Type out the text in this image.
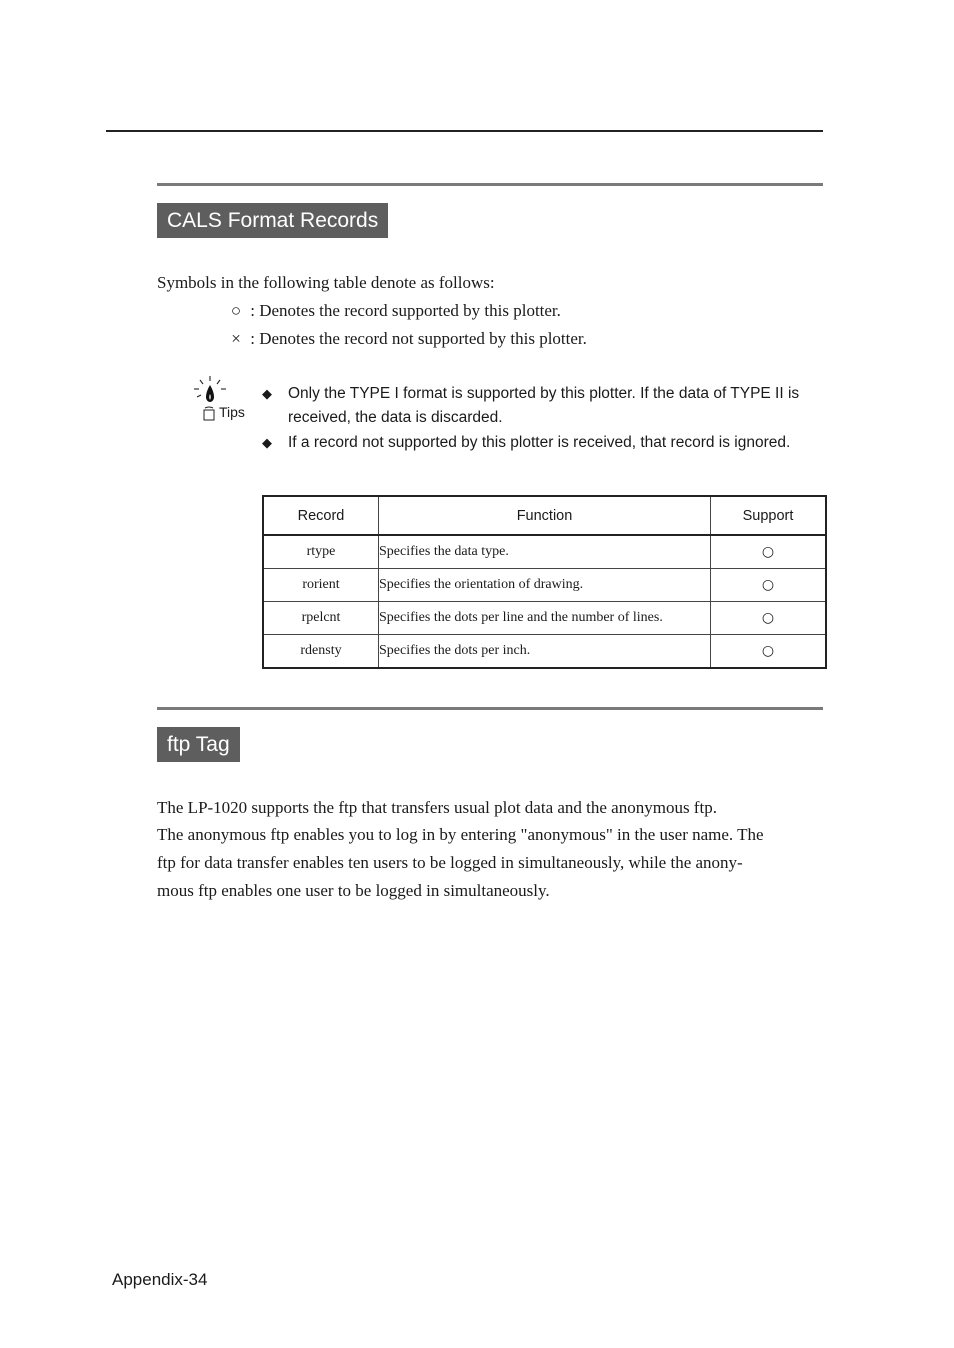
CALS Format Records
Symbols in the following table denote as follows:
○ : Denotes the record supported by this plotter.
× : Denotes the record not supported by this plotter.
Tips
◆ Only the TYPE I format is supported by this plotter. If the data of TYPE II is received, the data is discarded.
◆ If a record not supported by this plotter is received, that record is ignored.
Record	Function	Support
rtype	Specifies the data type.	○
rorient	Specifies the orientation of drawing.	○
rpelcnt	Specifies the dots per line and the number of lines.	○
rdensty	Specifies the dots per inch.	○
ftp Tag
The LP-1020 supports the ftp that transfers usual plot data and the anonymous ftp.
The anonymous ftp enables you to log in by entering "anonymous" in the user name. The
ftp for data transfer enables ten users to be logged in simultaneously, while the anony-
mous ftp enables one user to be logged in simultaneously.
Appendix-34
